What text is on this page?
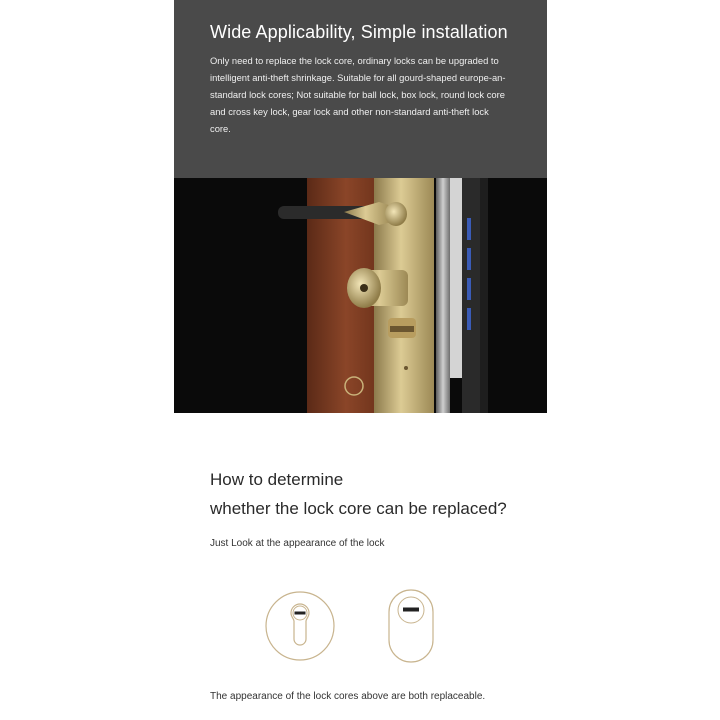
Wide Applicability, Simple installation

Only need to replace the lock core, ordinary locks can be upgraded to intelligent anti-theft shrinkage. Suitable for all gourd-shaped europe-an-standard lock cores; Not suitable for ball lock, box lock, round lock core and cross key lock, gear lock and other non-standard anti-theft lock core.

How to determine
whether the lock core can be replaced?

Just Look at the appearance of the lock

The appearance of the lock cores above are both replaceable.
